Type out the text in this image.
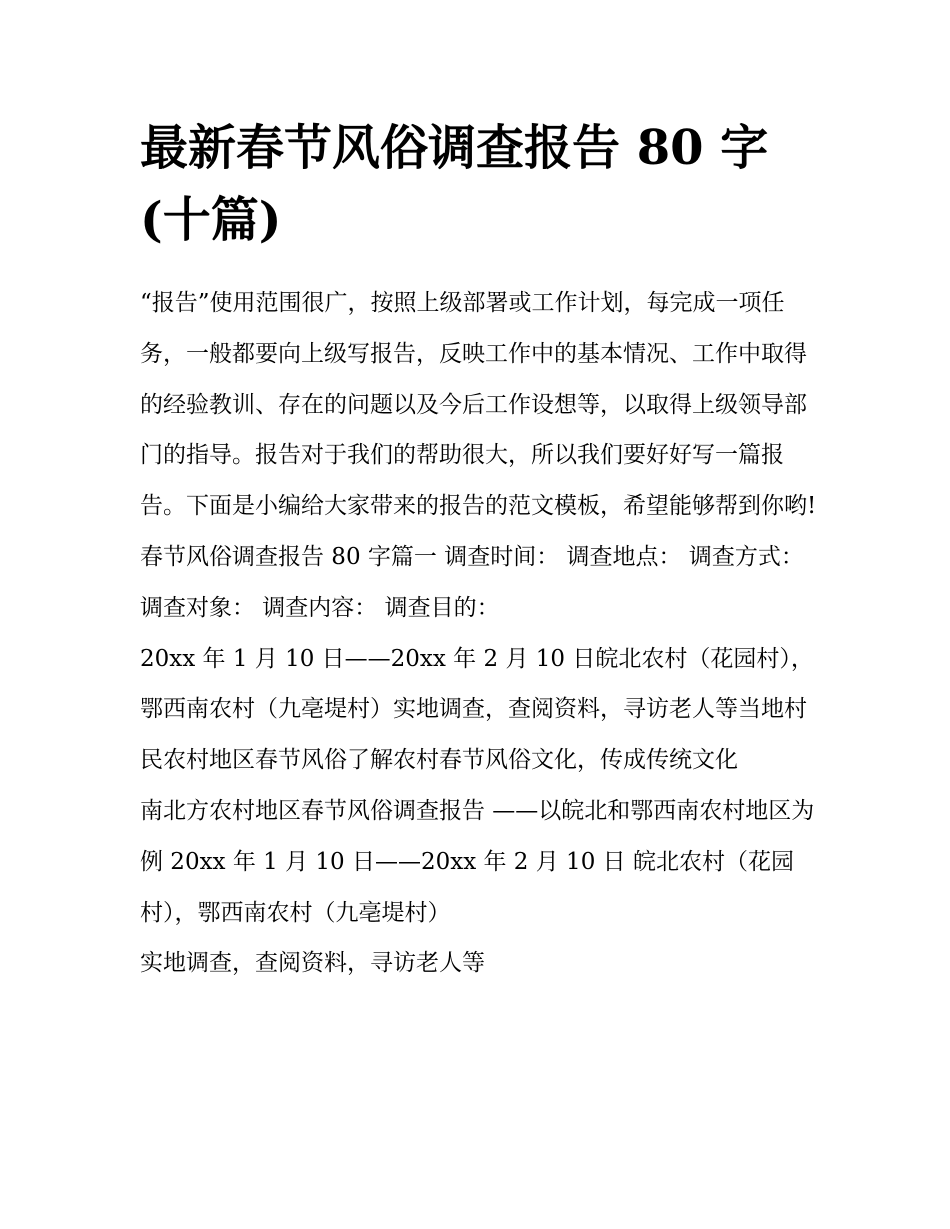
最新春节风俗调查报告 80 字
(十篇)

“报告”使用范围很广，按照上级部署或工作计划，每完成一项任务，一般都要向上级写报告，反映工作中的基本情况、工作中取得的经验教训、存在的问题以及今后工作设想等，以取得上级领导部门的指导。报告对于我们的帮助很大，所以我们要好好写一篇报告。下面是小编给大家带来的报告的范文模板，希望能够帮到你哟!

春节风俗调查报告 80 字篇一 调查时间： 调查地点： 调查方式： 调查对象： 调查内容： 调查目的：

20xx 年 1 月 10 日——20xx 年 2 月 10 日皖北农村（花园村），鄂西南农村（九亳堤村）实地调查，查阅资料，寻访老人等当地村民农村地区春节风俗了解农村春节风俗文化，传成传统文化

南北方农村地区春节风俗调查报告 ——以皖北和鄂西南农村地区为例 20xx 年 1 月 10 日——20xx 年 2 月 10 日 皖北农村（花园村），鄂西南农村（九亳堤村）

实地调查，查阅资料，寻访老人等
